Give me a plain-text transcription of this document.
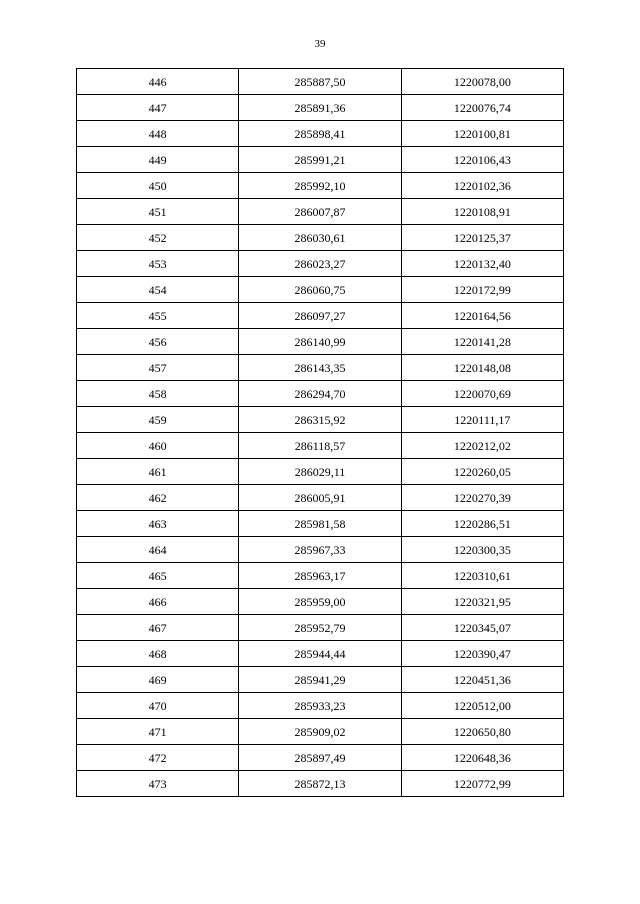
39
446	285887,50	1220078,00
447	285891,36	1220076,74
448	285898,41	1220100,81
449	285991,21	1220106,43
450	285992,10	1220102,36
451	286007,87	1220108,91
452	286030,61	1220125,37
453	286023,27	1220132,40
454	286060,75	1220172,99
455	286097,27	1220164,56
456	286140,99	1220141,28
457	286143,35	1220148,08
458	286294,70	1220070,69
459	286315,92	1220111,17
460	286118,57	1220212,02
461	286029,11	1220260,05
462	286005,91	1220270,39
463	285981,58	1220286,51
464	285967,33	1220300,35
465	285963,17	1220310,61
466	285959,00	1220321,95
467	285952,79	1220345,07
468	285944,44	1220390,47
469	285941,29	1220451,36
470	285933,23	1220512,00
471	285909,02	1220650,80
472	285897,49	1220648,36
473	285872,13	1220772,99
